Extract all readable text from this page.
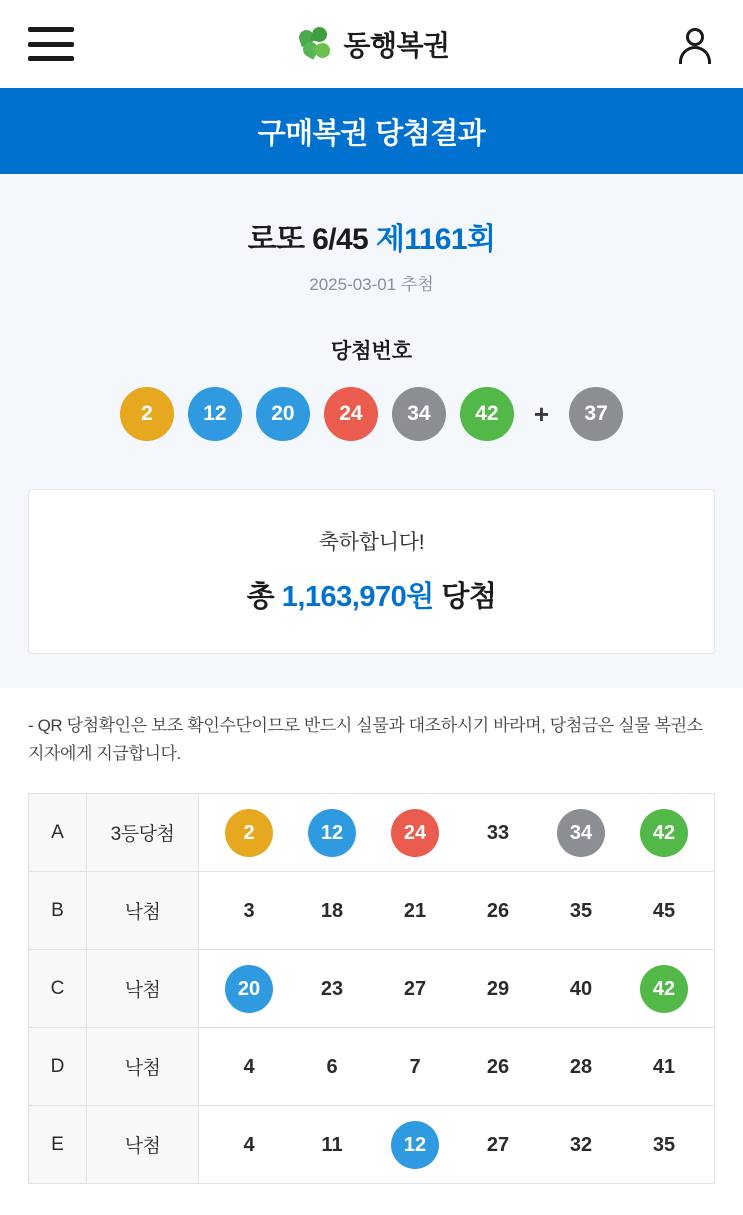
동행복권
구매복권 당첨결과
로또 6/45 제1161회
2025-03-01 추첨
당첨번호
2	12	20	24	34	42	+	37
축하합니다!
총 1,163,970원 당첨
- QR 당첨확인은 보조 확인수단이므로 반드시 실물과 대조하시기 바라며, 당첨금은 실물 복권소지자에게 지급합니다.
A	3등당첨	2	12	24	33	34	42

B	낙첨	3	18	21	26	35	45

C	낙첨	20	23	27	29	40	42

D	낙첨	4	6	7	26	28	41

E	낙첨	4	11	12	27	32	35
